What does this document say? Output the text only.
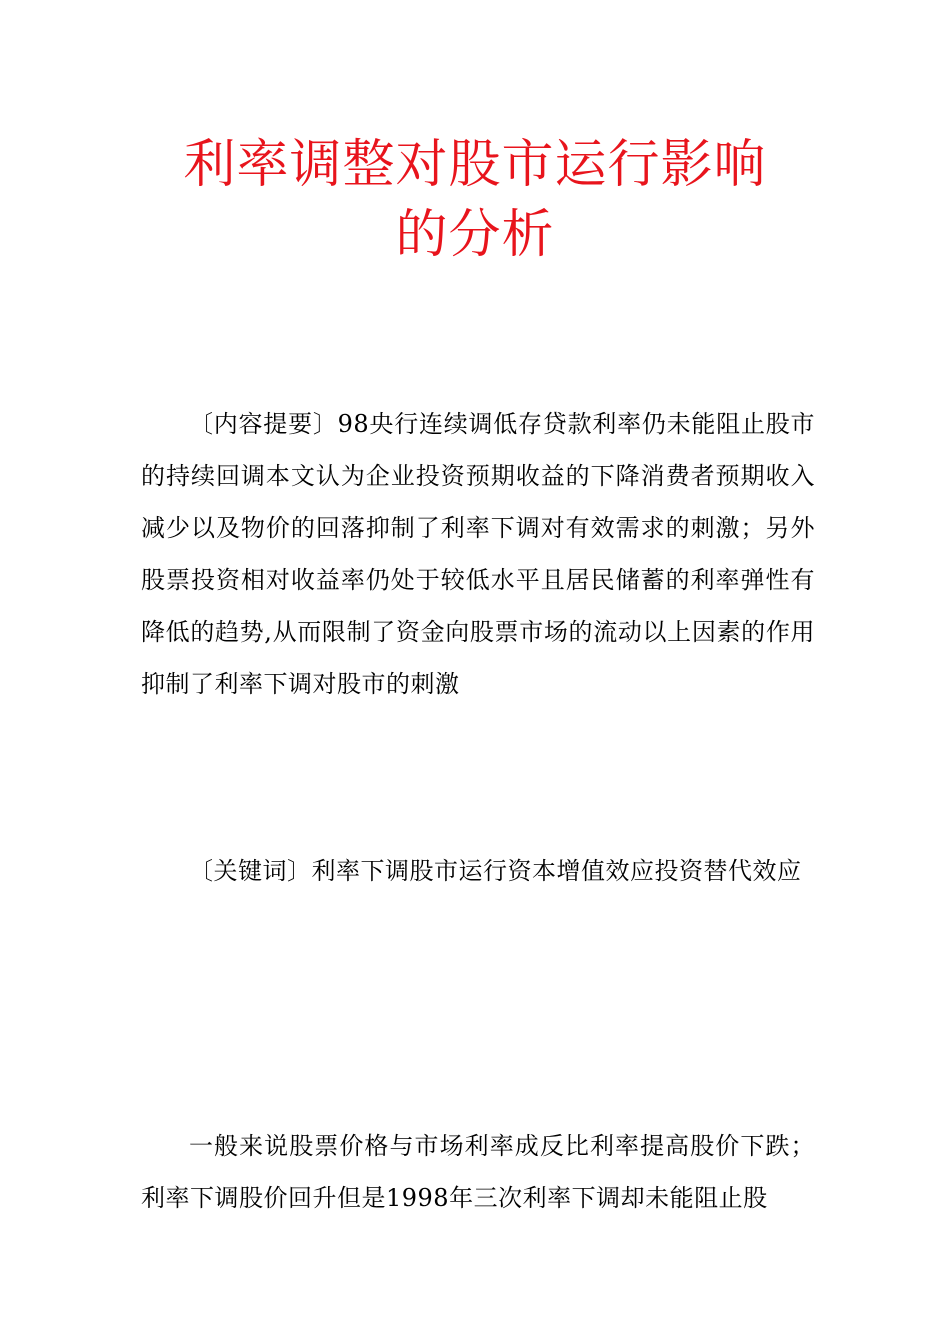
利率调整对股市运行影响
的分析

〔内容提要〕98央行连续调低存贷款利率仍未能阻止股市的持续回调本文认为企业投资预期收益的下降消费者预期收入减少以及物价的回落抑制了利率下调对有效需求的刺激；另外股票投资相对收益率仍处于较低水平且居民储蓄的利率弹性有降低的趋势,从而限制了资金向股票市场的流动以上因素的作用抑制了利率下调对股市的刺激

〔关键词〕利率下调股市运行资本增值效应投资替代效应

一般来说股票价格与市场利率成反比利率提高股价下跌；利率下调股价回升但是1998年三次利率下调却未能阻止股
